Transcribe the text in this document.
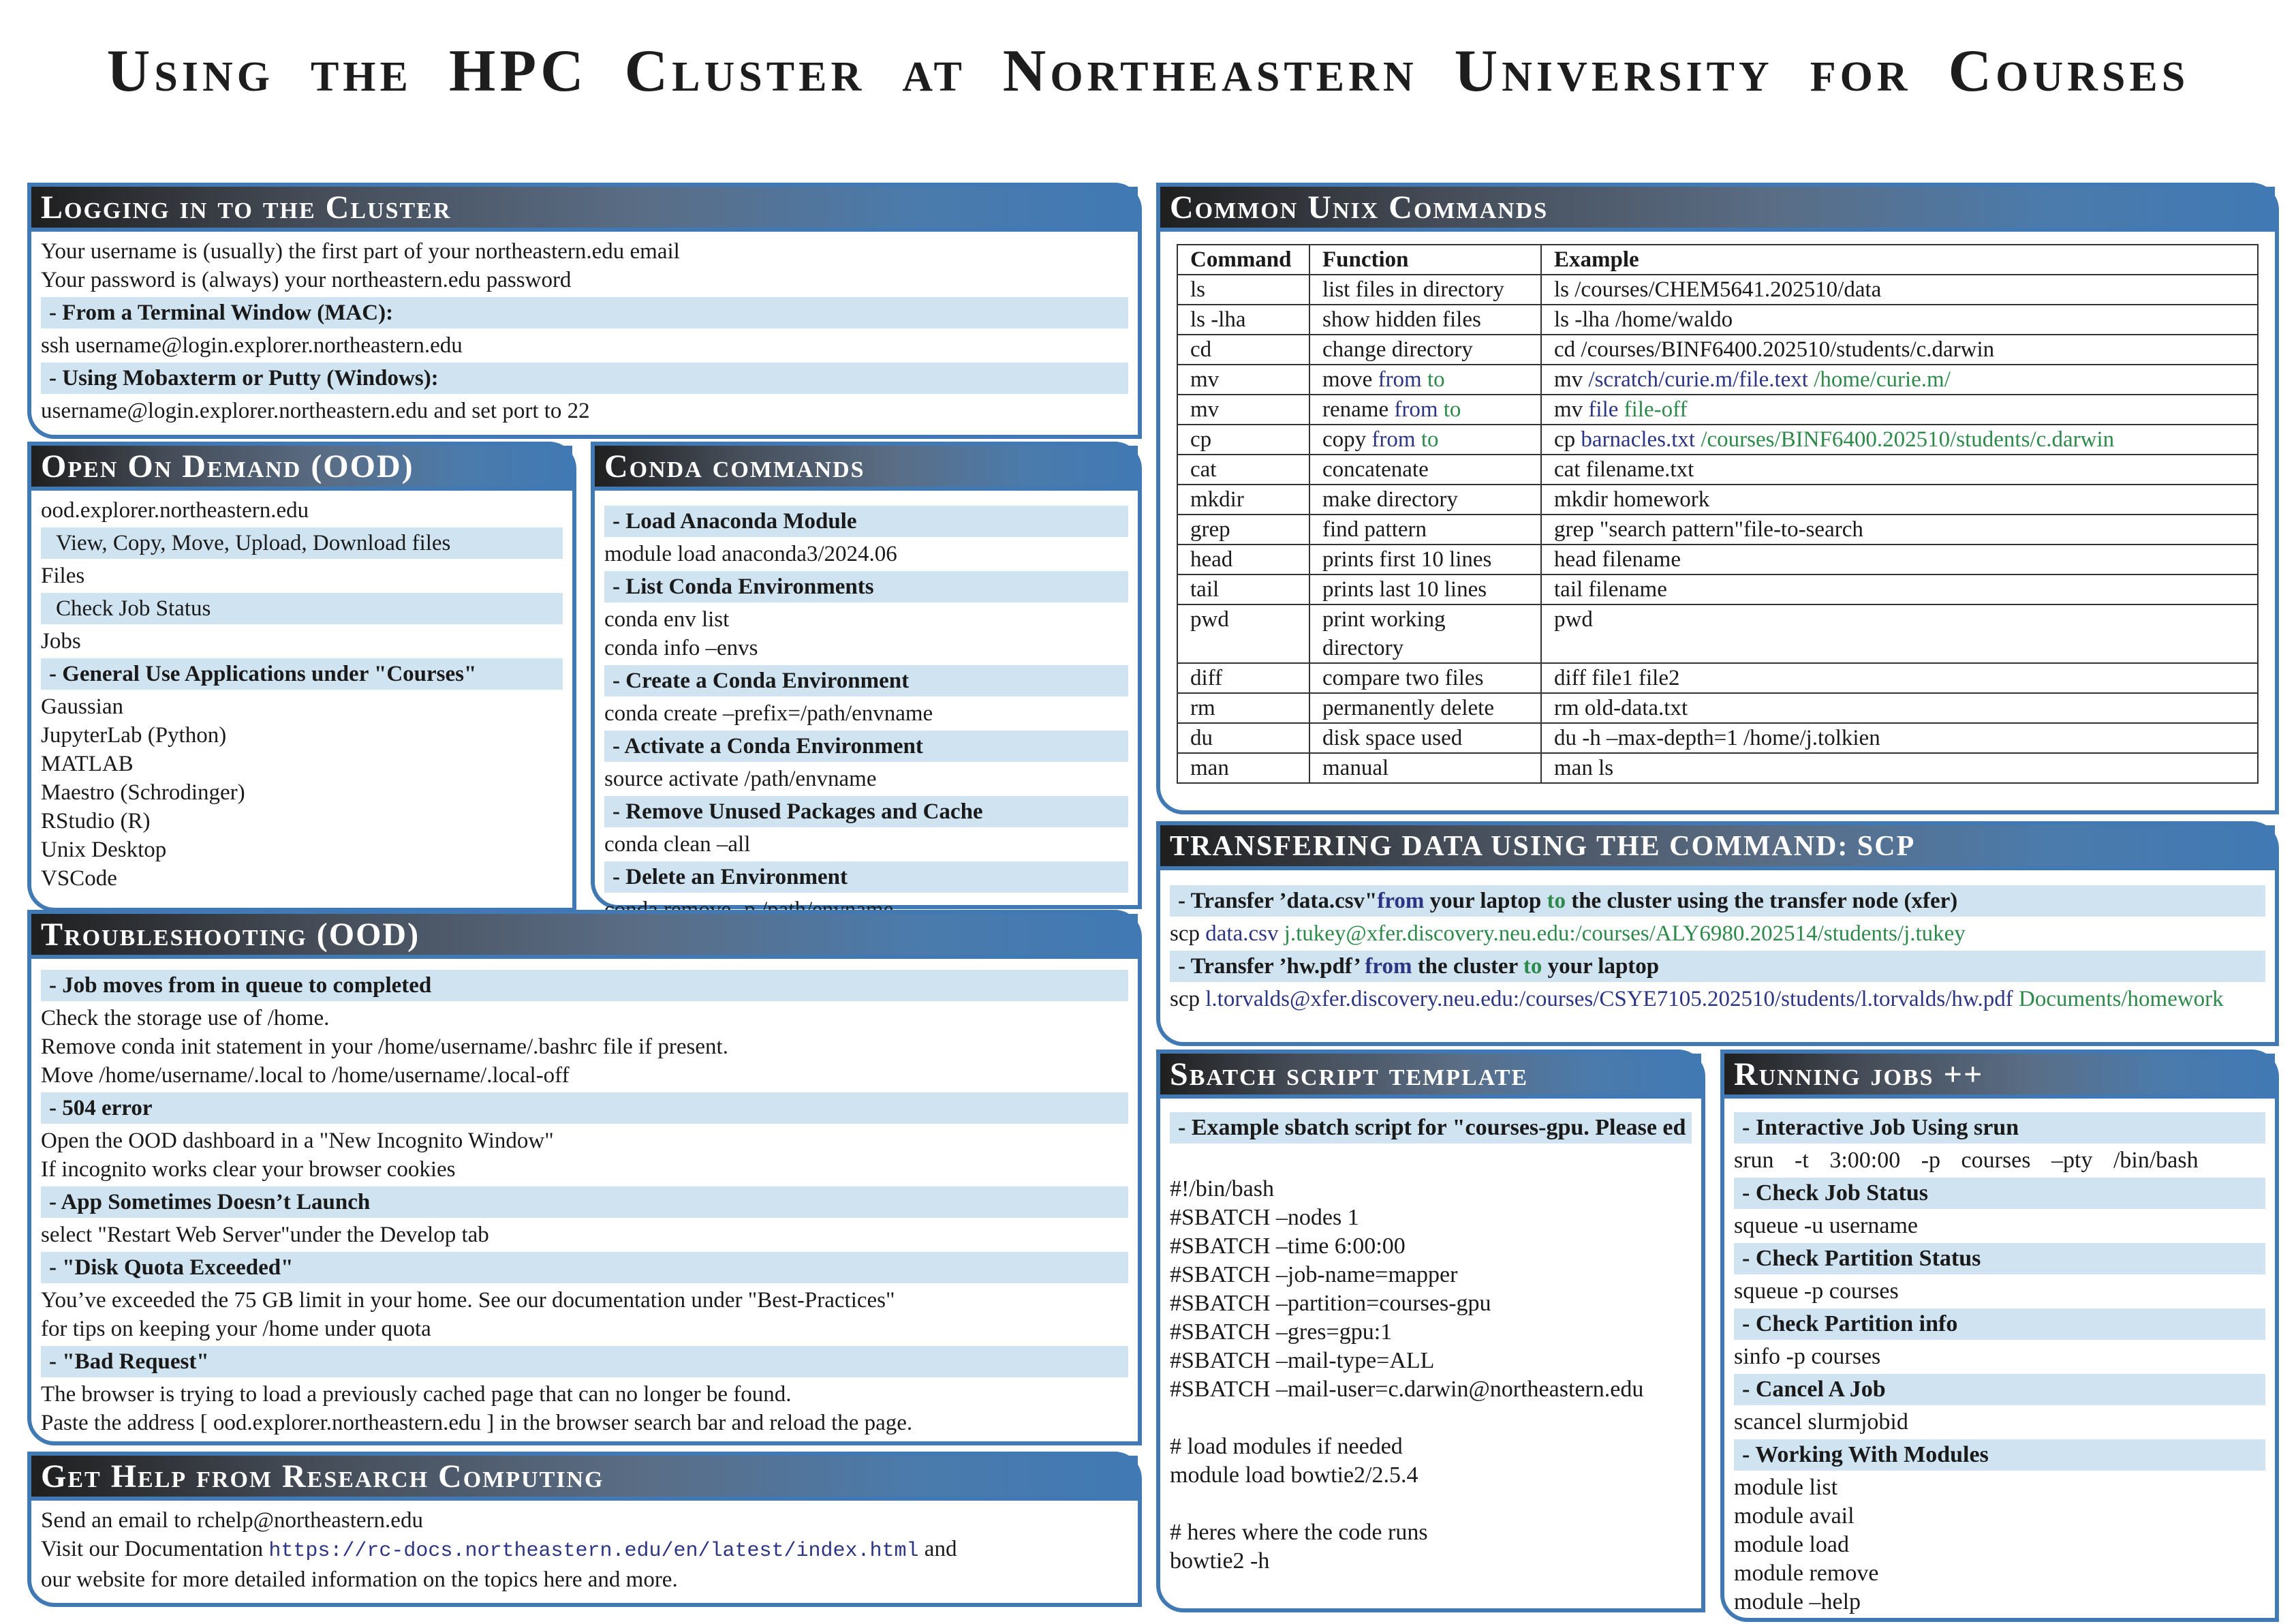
Using the HPC Cluster at Northeastern University for Courses
Logging in to the Cluster
Your username is (usually) the first part of your northeastern.edu email
Your password is (always) your northeastern.edu password
- From a Terminal Window (MAC):
ssh username@login.explorer.northeastern.edu
- Using Mobaxterm or Putty (Windows):
username@login.explorer.northeastern.edu and set port to 22
Open On Demand (OOD)
ood.explorer.northeastern.edu
View, Copy, Move, Upload, Download files
Files
Check Job Status
Jobs
- General Use Applications under "Courses"
Gaussian
JupyterLab (Python)
MATLAB
Maestro (Schrodinger)
RStudio (R)
Unix Desktop
VSCode
Conda commands
- Load Anaconda Module
module load anaconda3/2024.06
- List Conda Environments
conda env list
conda info –envs
- Create a Conda Environment
conda create –prefix=/path/envname
- Activate a Conda Environment
source activate /path/envname
- Remove Unused Packages and Cache
conda clean –all
- Delete an Environment
Troubleshooting (OOD)
- Job moves from in queue to completed
Check the storage use of /home.
Remove conda init statement in your /home/username/.bashrc file if present.
Move /home/username/.local to /home/username/.local-off
- 504 error
Open the OOD dashboard in a "New Incognito Window"
If incognito works clear your browser cookies
- App Sometimes Doesn’t Launch
select "Restart Web Server"under the Develop tab
- "Disk Quota Exceeded"
You’ve exceeded the 75 GB limit in your home. See our documentation under "Best-Practices"
for tips on keeping your /home under quota
- "Bad Request"
The browser is trying to load a previously cached page that can no longer be found.
Paste the address [ ood.explorer.northeastern.edu ] in the browser search bar and reload the page.
Get Help from Research Computing
Send an email to rchelp@northeastern.edu
Visit our Documentation https://rc-docs.northeastern.edu/en/latest/index.html and
our website for more detailed information on the topics here and more.
Common Unix Commands
Command	Function	Example
ls	list files in directory	ls /courses/CHEM5641.202510/data
ls -lha	show hidden files	ls -lha /home/waldo
cd	change directory	cd /courses/BINF6400.202510/students/c.darwin
mv	move from to	mv /scratch/curie.m/file.text /home/curie.m/
mv	rename from to	mv file file-off
cp	copy from to	cp barnacles.txt /courses/BINF6400.202510/students/c.darwin
cat	concatenate	cat filename.txt
mkdir	make directory	mkdir homework
grep	find pattern	grep "search pattern"file-to-search
head	prints first 10 lines	head filename
tail	prints last 10 lines	tail filename
pwd	print working directory	pwd
diff	compare two files	diff file1 file2
rm	permanently delete	rm old-data.txt
du	disk space used	du -h –max-depth=1 /home/j.tolkien
man	manual	man ls
TRANSFERING DATA USING THE COMMAND: SCP
- Transfer ’data.csv"from your laptop to the cluster using the transfer node (xfer)
scp data.csv j.tukey@xfer.discovery.neu.edu:/courses/ALY6980.202514/students/j.tukey
- Transfer ’hw.pdf’ from the cluster to your laptop
scp l.torvalds@xfer.discovery.neu.edu:/courses/CSYE7105.202510/students/l.torvalds/hw.pdf Documents/homework
Sbatch script template
- Example sbatch script for "courses-gpu. Please ed
#!/bin/bash
#SBATCH –nodes 1
#SBATCH –time 6:00:00
#SBATCH –job-name=mapper
#SBATCH –partition=courses-gpu
#SBATCH –gres=gpu:1
#SBATCH –mail-type=ALL
#SBATCH –mail-user=c.darwin@northeastern.edu
# load modules if needed
module load bowtie2/2.5.4
# heres where the code runs
bowtie2 -h
Running jobs ++
- Interactive Job Using srun
srun -t 3:00:00 -p courses –pty /bin/bash
- Check Job Status
squeue -u username
- Check Partition Status
squeue -p courses
- Check Partition info
sinfo -p courses
- Cancel A Job
scancel slurmjobid
- Working With Modules
module list
module avail
module load
module remove
module –help
